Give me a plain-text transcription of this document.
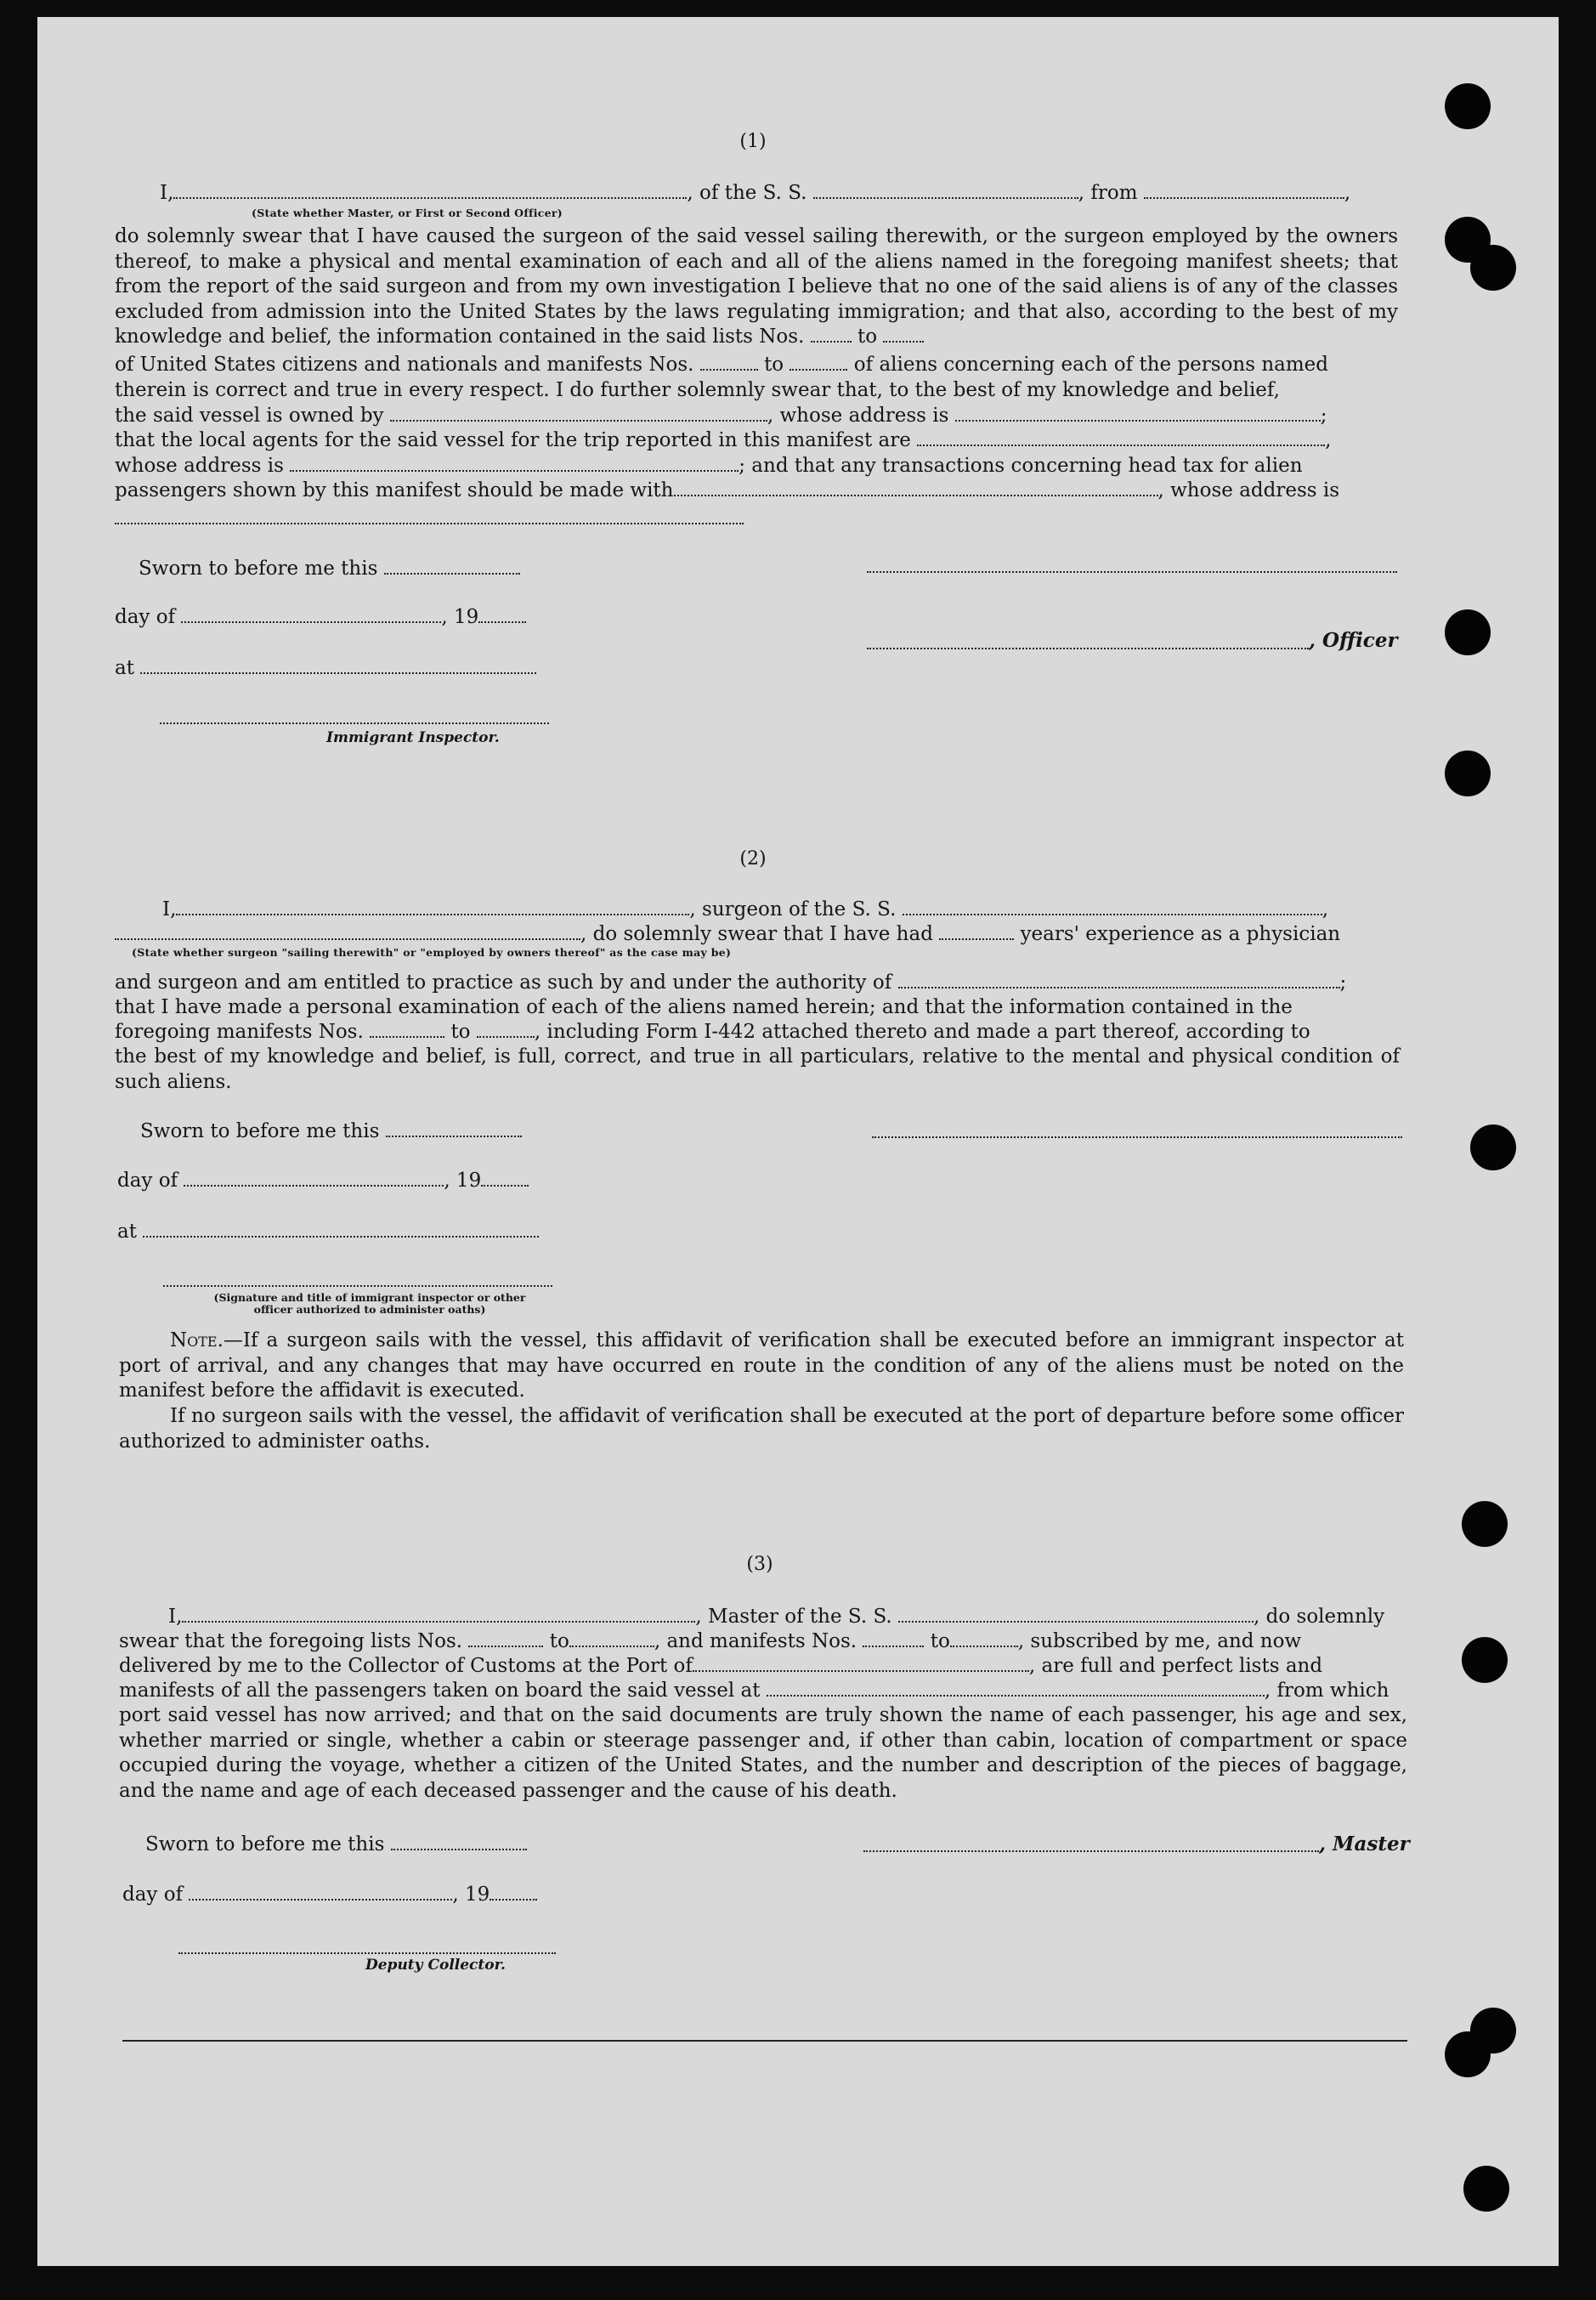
(1)
I,	, of the S. S.	, from	,
(State whether Master, or First or Second Officer)
do solemnly swear that I have caused the surgeon of the said vessel sailing therewith, or the surgeon employed by the owners thereof, to make a physical and mental examination of each and all of the aliens named in the foregoing manifest sheets; that from the report of the said surgeon and from my own investigation I believe that no one of the said aliens is of any of the classes excluded from admission into the United States by the laws regulating immigration; and that also, according to the best of my knowledge and belief, the information contained in the said lists Nos.	to
of United States citizens and nationals and manifests Nos.	to	of aliens concerning each of the persons named
therein is correct and true in every respect. I do further solemnly swear that, to the best of my knowledge and belief,
the said vessel is owned by	, whose address is	;
that the local agents for the said vessel for the trip reported in this manifest are	,
whose address is	; and that any transactions concerning head tax for alien
passengers shown by this manifest should be made with	, whose address is
Sworn to before me this
day of	, 19
, Officer
at
Immigrant Inspector.
(2)
I,	, surgeon of the S. S.	,
, do solemnly swear that I have had	years' experience as a physician
(State whether surgeon "sailing therewith" or "employed by owners thereof" as the case may be)
and surgeon and am entitled to practice as such by and under the authority of	;
that I have made a personal examination of each of the aliens named herein; and that the information contained in the
foregoing manifests Nos.	to	, including Form I-442 attached thereto and made a part thereof, according to
the best of my knowledge and belief, is full, correct, and true in all particulars, relative to the mental and physical condition of such aliens.
Sworn to before me this
day of	, 19
at
(Signature and title of immigrant inspector or other officer authorized to administer oaths)
Note.—If a surgeon sails with the vessel, this affidavit of verification shall be executed before an immigrant inspector at port of arrival, and any changes that may have occurred en route in the condition of any of the aliens must be noted on the manifest before the affidavit is executed.
If no surgeon sails with the vessel, the affidavit of verification shall be executed at the port of departure before some officer authorized to administer oaths.
(3)
I,	, Master of the S. S.	, do solemnly
swear that the foregoing lists Nos.	to	, and manifests Nos.	to	, subscribed by me, and now
delivered by me to the Collector of Customs at the Port of	, are full and perfect lists and
manifests of all the passengers taken on board the said vessel at	, from which
port said vessel has now arrived; and that on the said documents are truly shown the name of each passenger, his age and sex, whether married or single, whether a cabin or steerage passenger and, if other than cabin, location of compartment or space occupied during the voyage, whether a citizen of the United States, and the number and description of the pieces of baggage, and the name and age of each deceased passenger and the cause of his death.
Sworn to before me this	, Master
day of	, 19
Deputy Collector.
